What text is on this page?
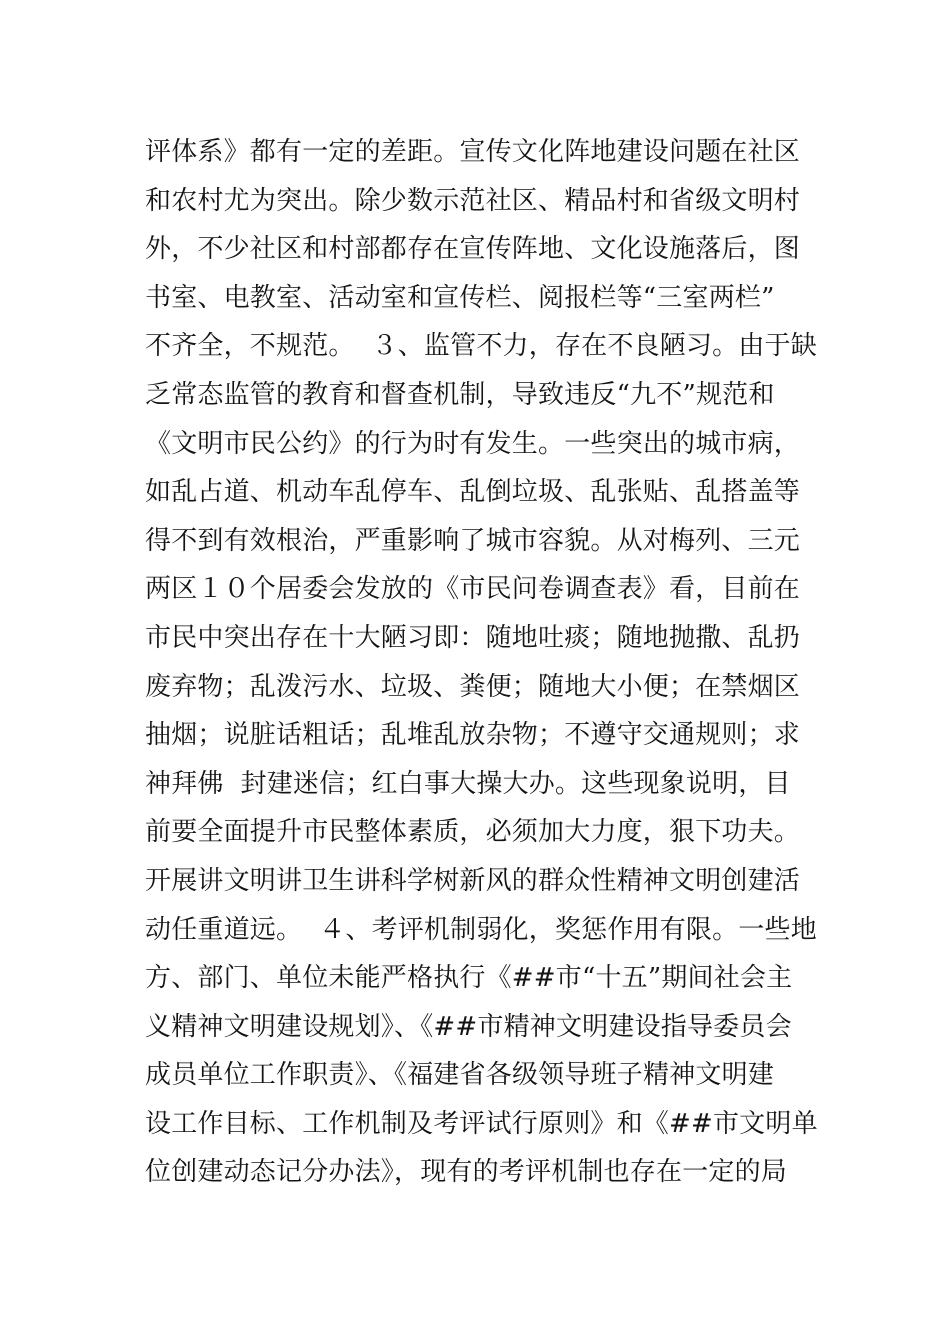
评体系》都有一定的差距。宣传文化阵地建设问题在社区
和农村尤为突出。除少数示范社区、精品村和省级文明村
外，不少社区和村部都存在宣传阵地、文化设施落后，图
书室、电教室、活动室和宣传栏、阅报栏等“三室两栏”
不齐全，不规范。  ３、监管不力，存在不良陋习。由于缺
乏常态监管的教育和督查机制，导致违反“九不”规范和
《文明市民公约》的行为时有发生。一些突出的城市病，
如乱占道、机动车乱停车、乱倒垃圾、乱张贴、乱搭盖等
得不到有效根治，严重影响了城市容貌。从对梅列、三元
两区１０个居委会发放的《市民问卷调查表》看，目前在
市民中突出存在十大陋习即：随地吐痰；随地抛撒、乱扔
废弃物；乱泼污水、垃圾、粪便；随地大小便；在禁烟区
抽烟；说脏话粗话；乱堆乱放杂物；不遵守交通规则；求
神拜佛  封建迷信；红白事大操大办。这些现象说明，目
前要全面提升市民整体素质，必须加大力度，狠下功夫。
开展讲文明讲卫生讲科学树新风的群众性精神文明创建活
动任重道远。  ４、考评机制弱化，奖惩作用有限。一些地
方、部门、单位未能严格执行《##市“十五”期间社会主
义精神文明建设规划》、《##市精神文明建设指导委员会
成员单位工作职责》、《福建省各级领导班子精神文明建
设工作目标、工作机制及考评试行原则》和《##市文明单
位创建动态记分办法》，现有的考评机制也存在一定的局
